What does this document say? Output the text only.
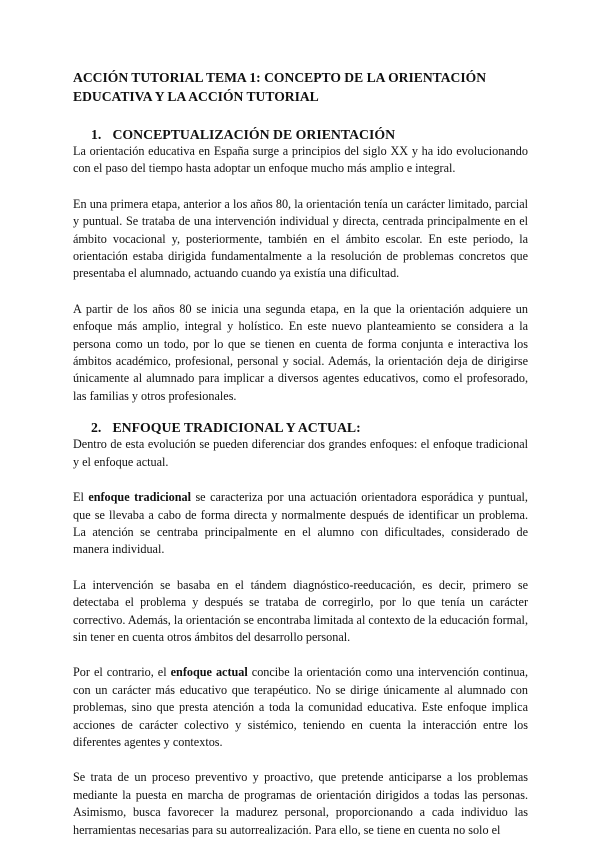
ACCIÓN TUTORIAL TEMA 1: CONCEPTO DE LA ORIENTACIÓN EDUCATIVA Y LA ACCIÓN TUTORIAL
1. CONCEPTUALIZACIÓN DE ORIENTACIÓN

La orientación educativa en España surge a principios del siglo XX y ha ido evolucionando con el paso del tiempo hasta adoptar un enfoque mucho más amplio e integral.

En una primera etapa, anterior a los años 80, la orientación tenía un carácter limitado, parcial y puntual. Se trataba de una intervención individual y directa, centrada principalmente en el ámbito vocacional y, posteriormente, también en el ámbito escolar. En este periodo, la orientación estaba dirigida fundamentalmente a la resolución de problemas concretos que presentaba el alumnado, actuando cuando ya existía una dificultad.

A partir de los años 80 se inicia una segunda etapa, en la que la orientación adquiere un enfoque más amplio, integral y holístico. En este nuevo planteamiento se considera a la persona como un todo, por lo que se tienen en cuenta de forma conjunta e interactiva los ámbitos académico, profesional, personal y social. Además, la orientación deja de dirigirse únicamente al alumnado para implicar a diversos agentes educativos, como el profesorado, las familias y otros profesionales.

2. ENFOQUE TRADICIONAL Y ACTUAL:

Dentro de esta evolución se pueden diferenciar dos grandes enfoques: el enfoque tradicional y el enfoque actual.

El enfoque tradicional se caracteriza por una actuación orientadora esporádica y puntual, que se llevaba a cabo de forma directa y normalmente después de identificar un problema. La atención se centraba principalmente en el alumno con dificultades, considerado de manera individual.

La intervención se basaba en el tándem diagnóstico-reeducación, es decir, primero se detectaba el problema y después se trataba de corregirlo, por lo que tenía un carácter correctivo. Además, la orientación se encontraba limitada al contexto de la educación formal, sin tener en cuenta otros ámbitos del desarrollo personal.

Por el contrario, el enfoque actual concibe la orientación como una intervención continua, con un carácter más educativo que terapéutico. No se dirige únicamente al alumnado con problemas, sino que presta atención a toda la comunidad educativa. Este enfoque implica acciones de carácter colectivo y sistémico, teniendo en cuenta la interacción entre los diferentes agentes y contextos.

Se trata de un proceso preventivo y proactivo, que pretende anticiparse a los problemas mediante la puesta en marcha de programas de orientación dirigidos a todas las personas. Asimismo, busca favorecer la madurez personal, proporcionando a cada individuo las herramientas necesarias para su autorrealización. Para ello, se tiene en cuenta no solo el
